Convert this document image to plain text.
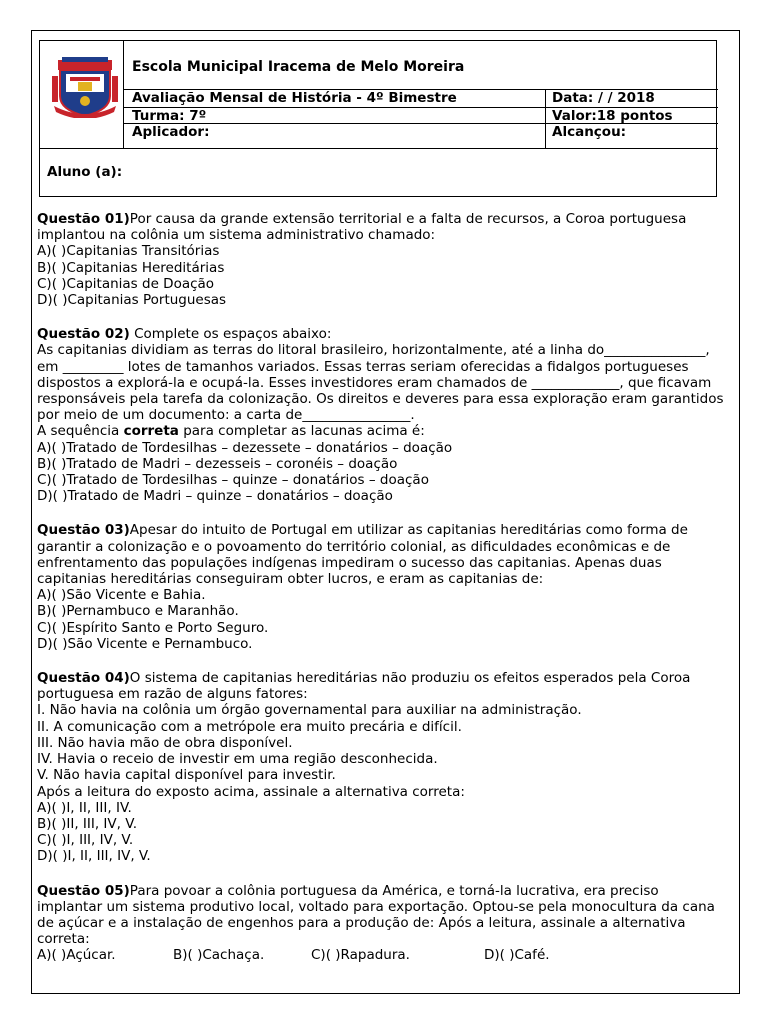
Escola Municipal Iracema de Melo Moreira
Avaliação Mensal de História - 4º Bimestre	Data: / / 2018
Turma: 7º	Valor:18 pontos
Aplicador:	Alcançou:
Aluno (a):
Questão 01)Por causa da grande extensão territorial e a falta de recursos, a Coroa portuguesa implantou na colônia um sistema administrativo chamado:
A)( )Capitanias Transitórias
B)( )Capitanias Hereditárias
C)( )Capitanias de Doação
D)( )Capitanias Portuguesas
Questão 02) Complete os espaços abaixo:
As capitanias dividiam as terras do litoral brasileiro, horizontalmente, até a linha do_______________, em _________ lotes de tamanhos variados. Essas terras seriam oferecidas a fidalgos portugueses dispostos a explorá-la e ocupá-la. Esses investidores eram chamados de _____________, que ficavam responsáveis pela tarefa da colonização. Os direitos e deveres para essa exploração eram garantidos por meio de um documento: a carta de________________.
A sequência correta para completar as lacunas acima é:
A)( )Tratado de Tordesilhas – dezessete – donatários – doação
B)( )Tratado de Madri – dezesseis – coronéis – doação
C)( )Tratado de Tordesilhas – quinze – donatários – doação
D)( )Tratado de Madri – quinze – donatários – doação
Questão 03)Apesar do intuito de Portugal em utilizar as capitanias hereditárias como forma de garantir a colonização e o povoamento do território colonial, as dificuldades econômicas e de enfrentamento das populações indígenas impediram o sucesso das capitanias. Apenas duas capitanias hereditárias conseguiram obter lucros, e eram as capitanias de:
A)( )São Vicente e Bahia.
B)( )Pernambuco e Maranhão.
C)( )Espírito Santo e Porto Seguro.
D)( )São Vicente e Pernambuco.
Questão 04)O sistema de capitanias hereditárias não produziu os efeitos esperados pela Coroa portuguesa em razão de alguns fatores:
I. Não havia na colônia um órgão governamental para auxiliar na administração.
II. A comunicação com a metrópole era muito precária e difícil.
III. Não havia mão de obra disponível.
IV. Havia o receio de investir em uma região desconhecida.
V. Não havia capital disponível para investir.
Após a leitura do exposto acima, assinale a alternativa correta:
A)( )I, II, III, IV.
B)( )II, III, IV, V.
C)( )I, III, IV, V.
D)( )I, II, III, IV, V.
Questão 05)Para povoar a colônia portuguesa da América, e torná-la lucrativa, era preciso implantar um sistema produtivo local, voltado para exportação. Optou-se pela monocultura da cana de açúcar e a instalação de engenhos para a produção de: Após a leitura, assinale a alternativa correta:
A)( )Açúcar.	B)( )Cachaça.	C)( )Rapadura.	D)( )Café.
